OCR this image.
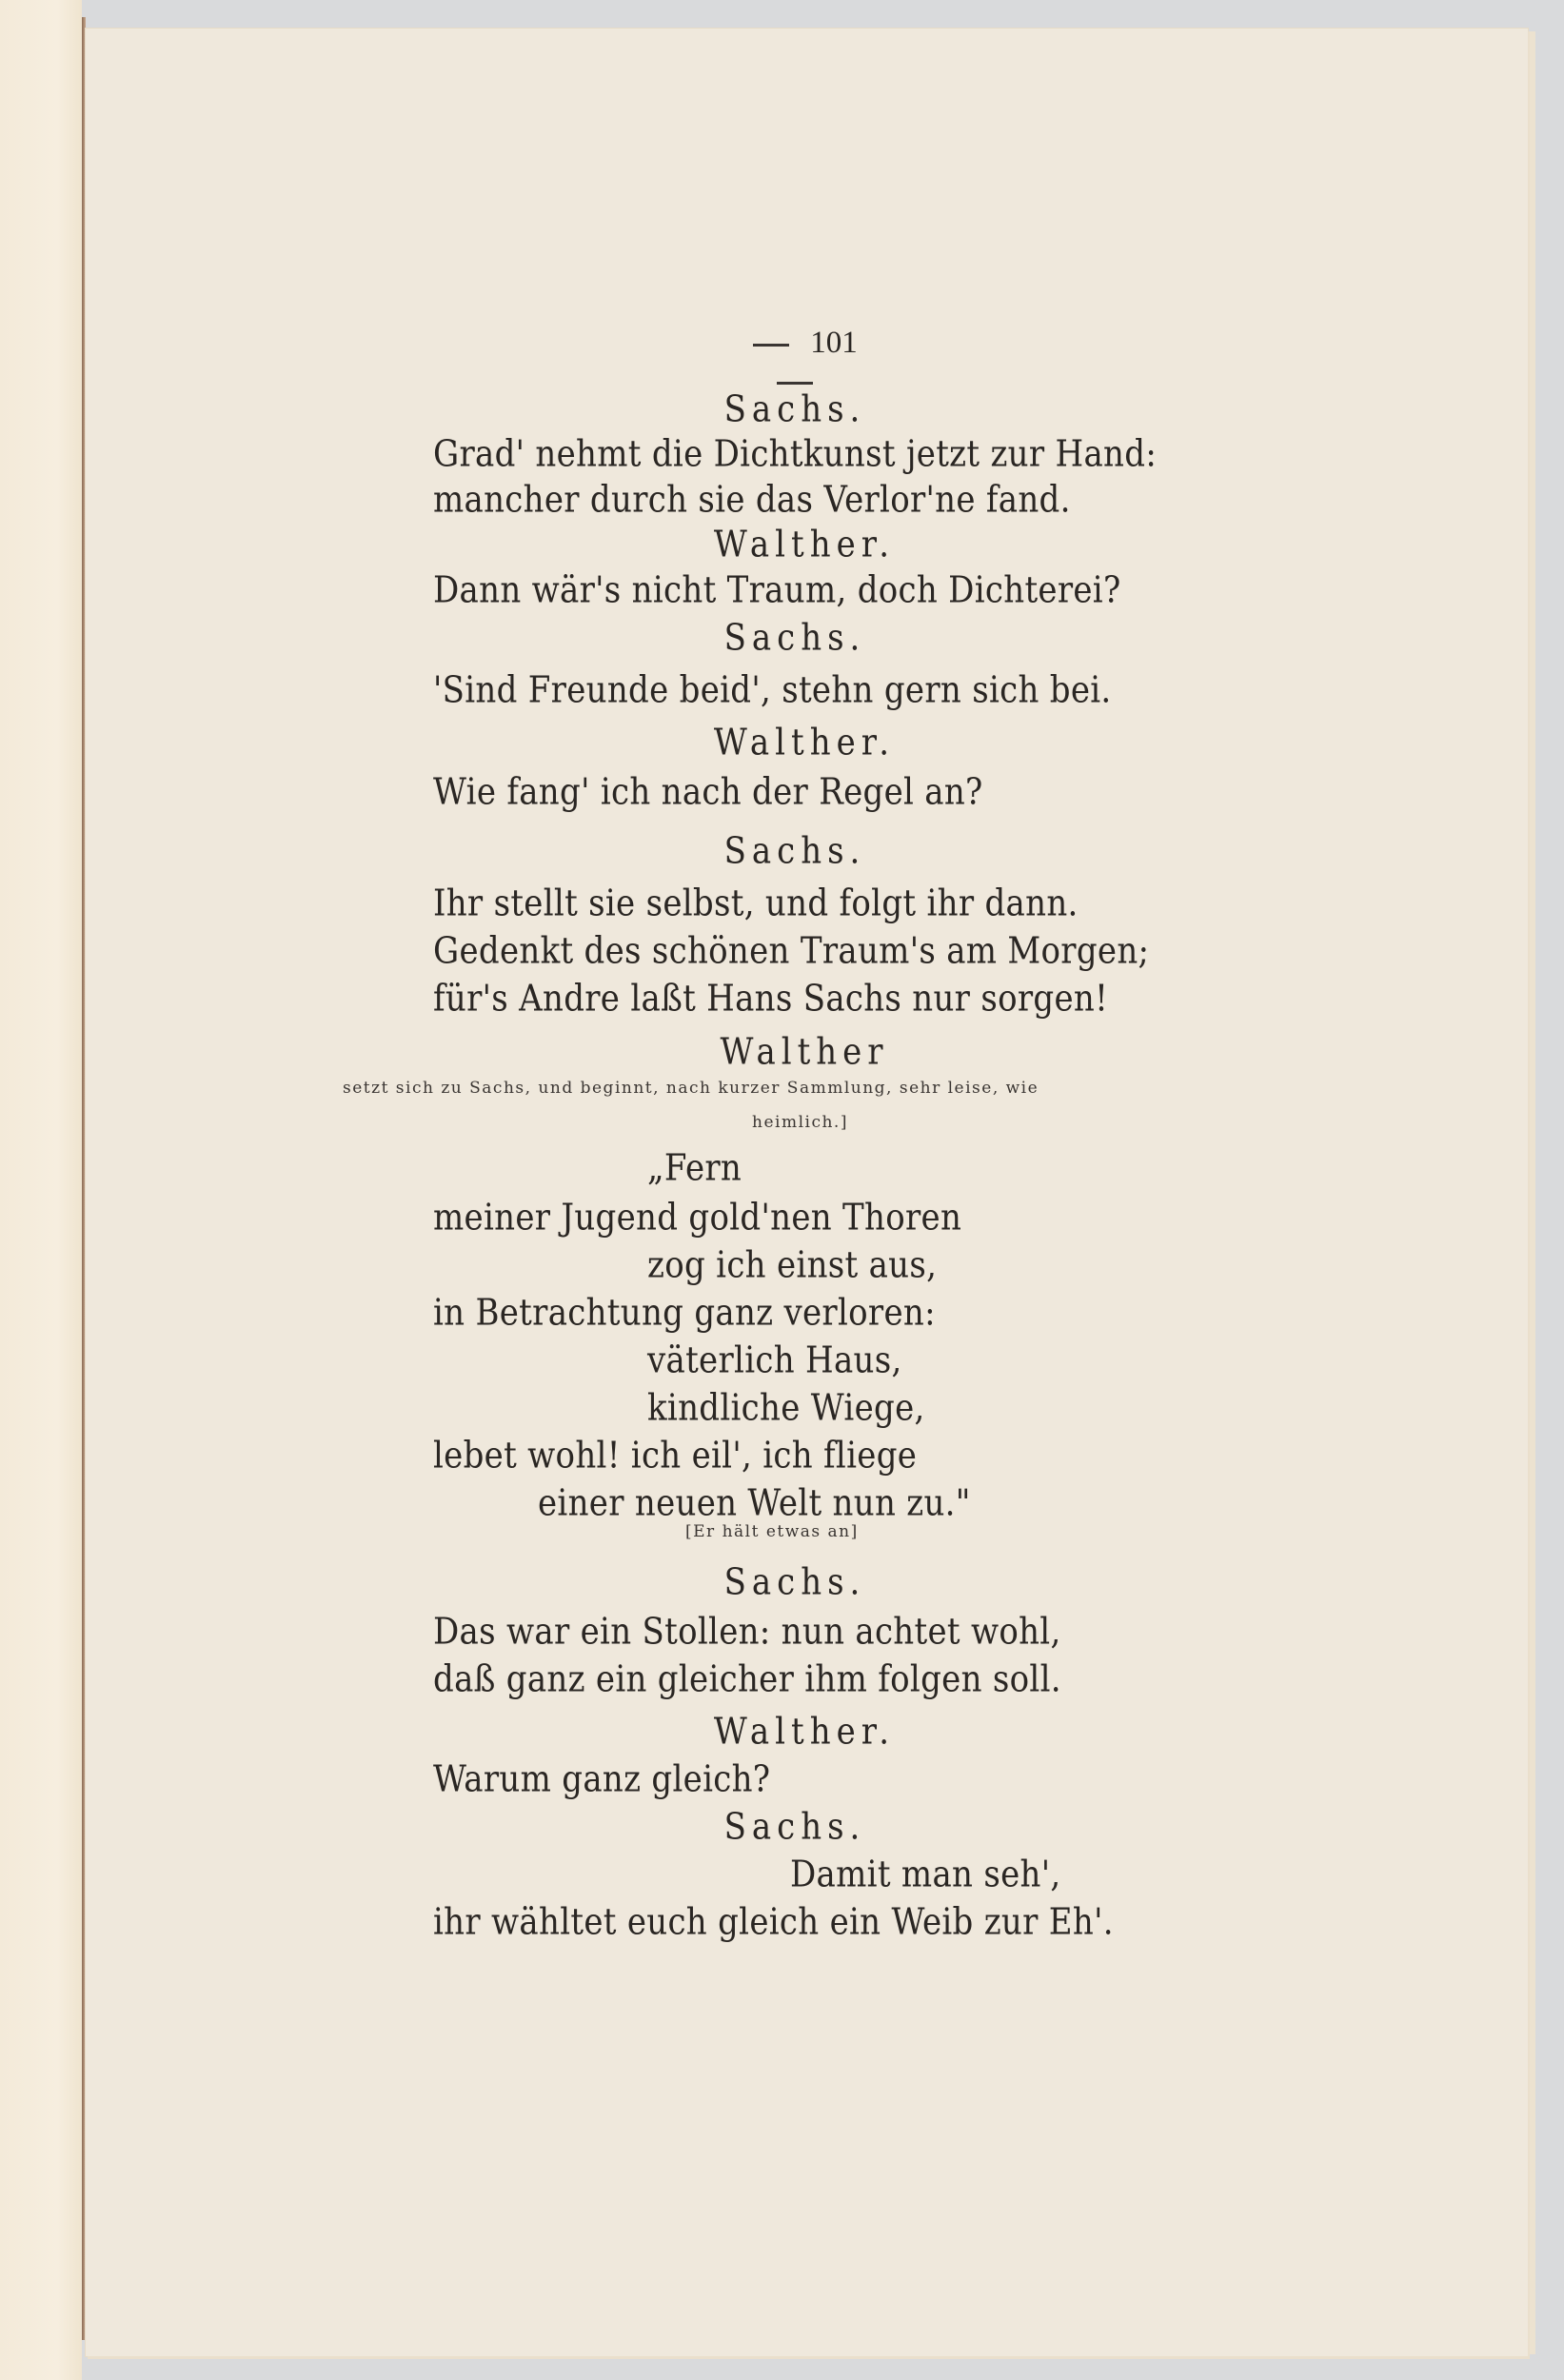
101
Sachs.
Grad' nehmt die Dichtkunst jetzt zur Hand:
mancher durch sie das Verlor'ne fand.
Walther.
Dann wär's nicht Traum, doch Dichterei?
Sachs.
'Sind Freunde beid', stehn gern sich bei.
Walther.
Wie fang' ich nach der Regel an?
Sachs.
Ihr stellt sie selbst, und folgt ihr dann.
Gedenkt des schönen Traum's am Morgen;
für's Andre laßt Hans Sachs nur sorgen!
Walther
setzt sich zu Sachs, und beginnt, nach kurzer Sammlung, sehr leise, wie
heimlich.]
„Fern
meiner Jugend gold'nen Thoren
zog ich einst aus,
in Betrachtung ganz verloren:
väterlich Haus,
kindliche Wiege,
lebet wohl! ich eil', ich fliege
einer neuen Welt nun zu."
[Er hält etwas an]
Sachs.
Das war ein Stollen: nun achtet wohl,
daß ganz ein gleicher ihm folgen soll.
Walther.
Warum ganz gleich?
Sachs.
Damit man seh',
ihr wähltet euch gleich ein Weib zur Eh'.
